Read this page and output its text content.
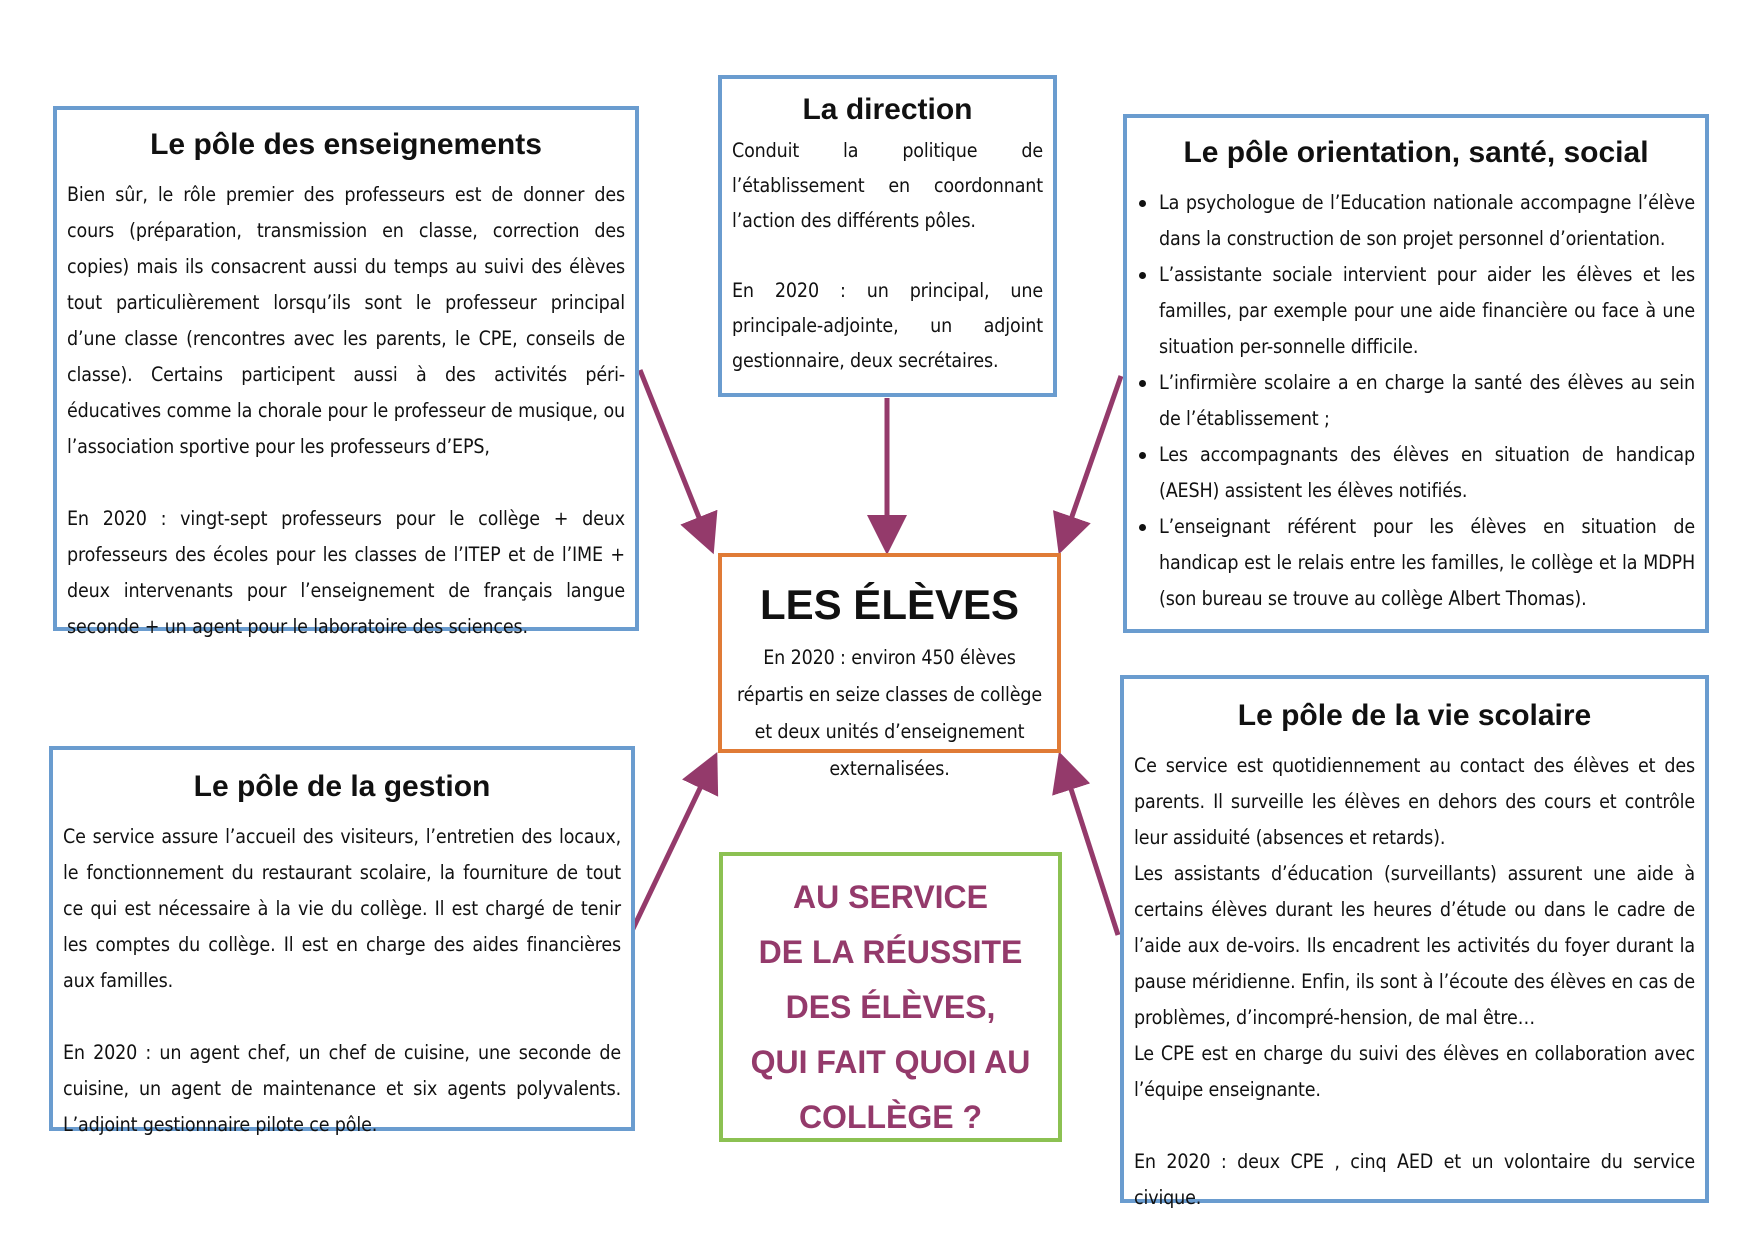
Le pôle des enseignements

Bien sûr, le rôle premier des professeurs est de donner des cours (préparation, transmission en classe, correction des copies) mais ils consacrent aussi du temps au suivi des élèves tout particulièrement lorsqu’ils sont le professeur principal d’une classe (rencontres avec les parents, le CPE, conseils de classe). Certains participent aussi à des activités péri-éducatives comme la chorale pour le professeur de musique, ou l’association sportive pour les professeurs d’EPS,

En 2020 : vingt-sept professeurs pour le collège + deux professeurs des écoles pour les classes de l’ITEP et de l’IME + deux intervenants pour l’enseignement de français langue seconde + un agent pour le laboratoire des sciences.

La direction

Conduit la politique de l’établissement en coordonnant l’action des différents pôles.

En 2020 : un principal, une principale-adjointe, un adjoint gestionnaire, deux secrétaires.

Le pôle orientation, santé, social
La psychologue de l’Education nationale accompagne l’élève dans la construction de son projet personnel d’orientation.
L’assistante sociale intervient pour aider les élèves et les familles, par exemple pour une aide financière ou face à une situation per-sonnelle difficile.
L’infirmière scolaire a en charge la santé des élèves au sein de l’établissement ;
Les accompagnants des élèves en situation de handicap (AESH) assistent les élèves notifiés.
L’enseignant référent pour les élèves en situation de handicap est le relais entre les familles, le collège et la MDPH (son bureau se trouve au collège Albert Thomas).
LES ÉLÈVES

En 2020 : environ 450 élèves répartis en seize classes de collège et deux unités d’enseignement externalisées.

Le pôle de la gestion

Ce service assure l’accueil des visiteurs, l’entretien des locaux, le fonctionnement du restaurant scolaire, la fourniture de tout ce qui est nécessaire à la vie du collège. Il est chargé de tenir les comptes du collège. Il est en charge des aides financières aux familles.

En 2020 : un agent chef, un chef de cuisine, une seconde de cuisine, un agent de maintenance et six agents polyvalents. L’adjoint gestionnaire pilote ce pôle.

AU SERVICE

DE LA RÉUSSITE

DES ÉLÈVES,

QUI FAIT QUOI AU

COLLÈGE ?

Le pôle de la vie scolaire

Ce service est quotidiennement au contact des élèves et des parents. Il surveille les élèves en dehors des cours et contrôle leur assiduité (absences et retards).

Les assistants d’éducation (surveillants) assurent une aide à certains élèves durant les heures d’étude ou dans le cadre de l’aide aux de-voirs. Ils encadrent les activités du foyer durant la pause méridienne. Enfin, ils sont à l’écoute des élèves en cas de problèmes, d’incompré-hension, de mal être…

Le CPE est en charge du suivi des élèves en collaboration avec l’équipe enseignante.

En 2020 : deux CPE , cinq AED et un volontaire du service civique.
